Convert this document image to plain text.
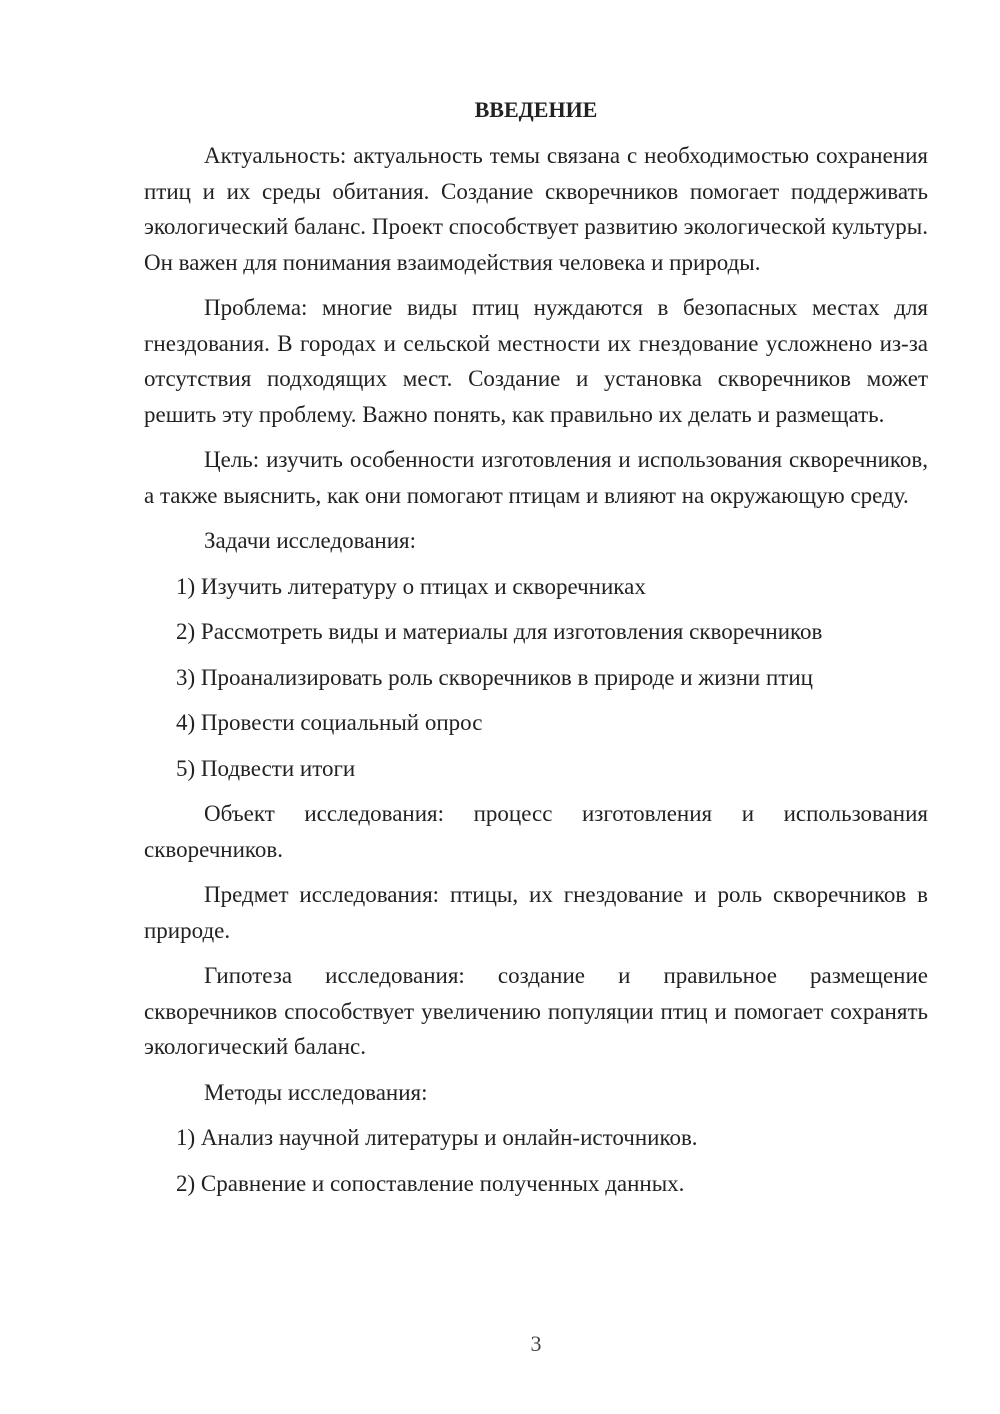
ВВЕДЕНИЕ

Актуальность: актуальность темы связана с необходимостью сохранения птиц и их среды обитания. Создание скворечников помогает поддерживать экологический баланс. Проект способствует развитию экологической культуры. Он важен для понимания взаимодействия человека и природы.

Проблема: многие виды птиц нуждаются в безопасных местах для гнездования. В городах и сельской местности их гнездование усложнено из-за отсутствия подходящих мест. Создание и установка скворечников может решить эту проблему. Важно понять, как правильно их делать и размещать.

Цель: изучить особенности изготовления и использования скворечников, а также выяснить, как они помогают птицам и влияют на окружающую среду.

Задачи исследования:
1) Изучить литературу о птицах и скворечниках
2) Рассмотреть виды и материалы для изготовления скворечников
3) Проанализировать роль скворечников в природе и жизни птиц
4) Провести социальный опрос
5) Подвести итоги

Объект исследования: процесс изготовления и использования скворечников.

Предмет исследования: птицы, их гнездование и роль скворечников в природе.

Гипотеза исследования: создание и правильное размещение скворечников способствует увеличению популяции птиц и помогает сохранять экологический баланс.

Методы исследования:
1) Анализ научной литературы и онлайн-источников.
2) Сравнение и сопоставление полученных данных.
3
